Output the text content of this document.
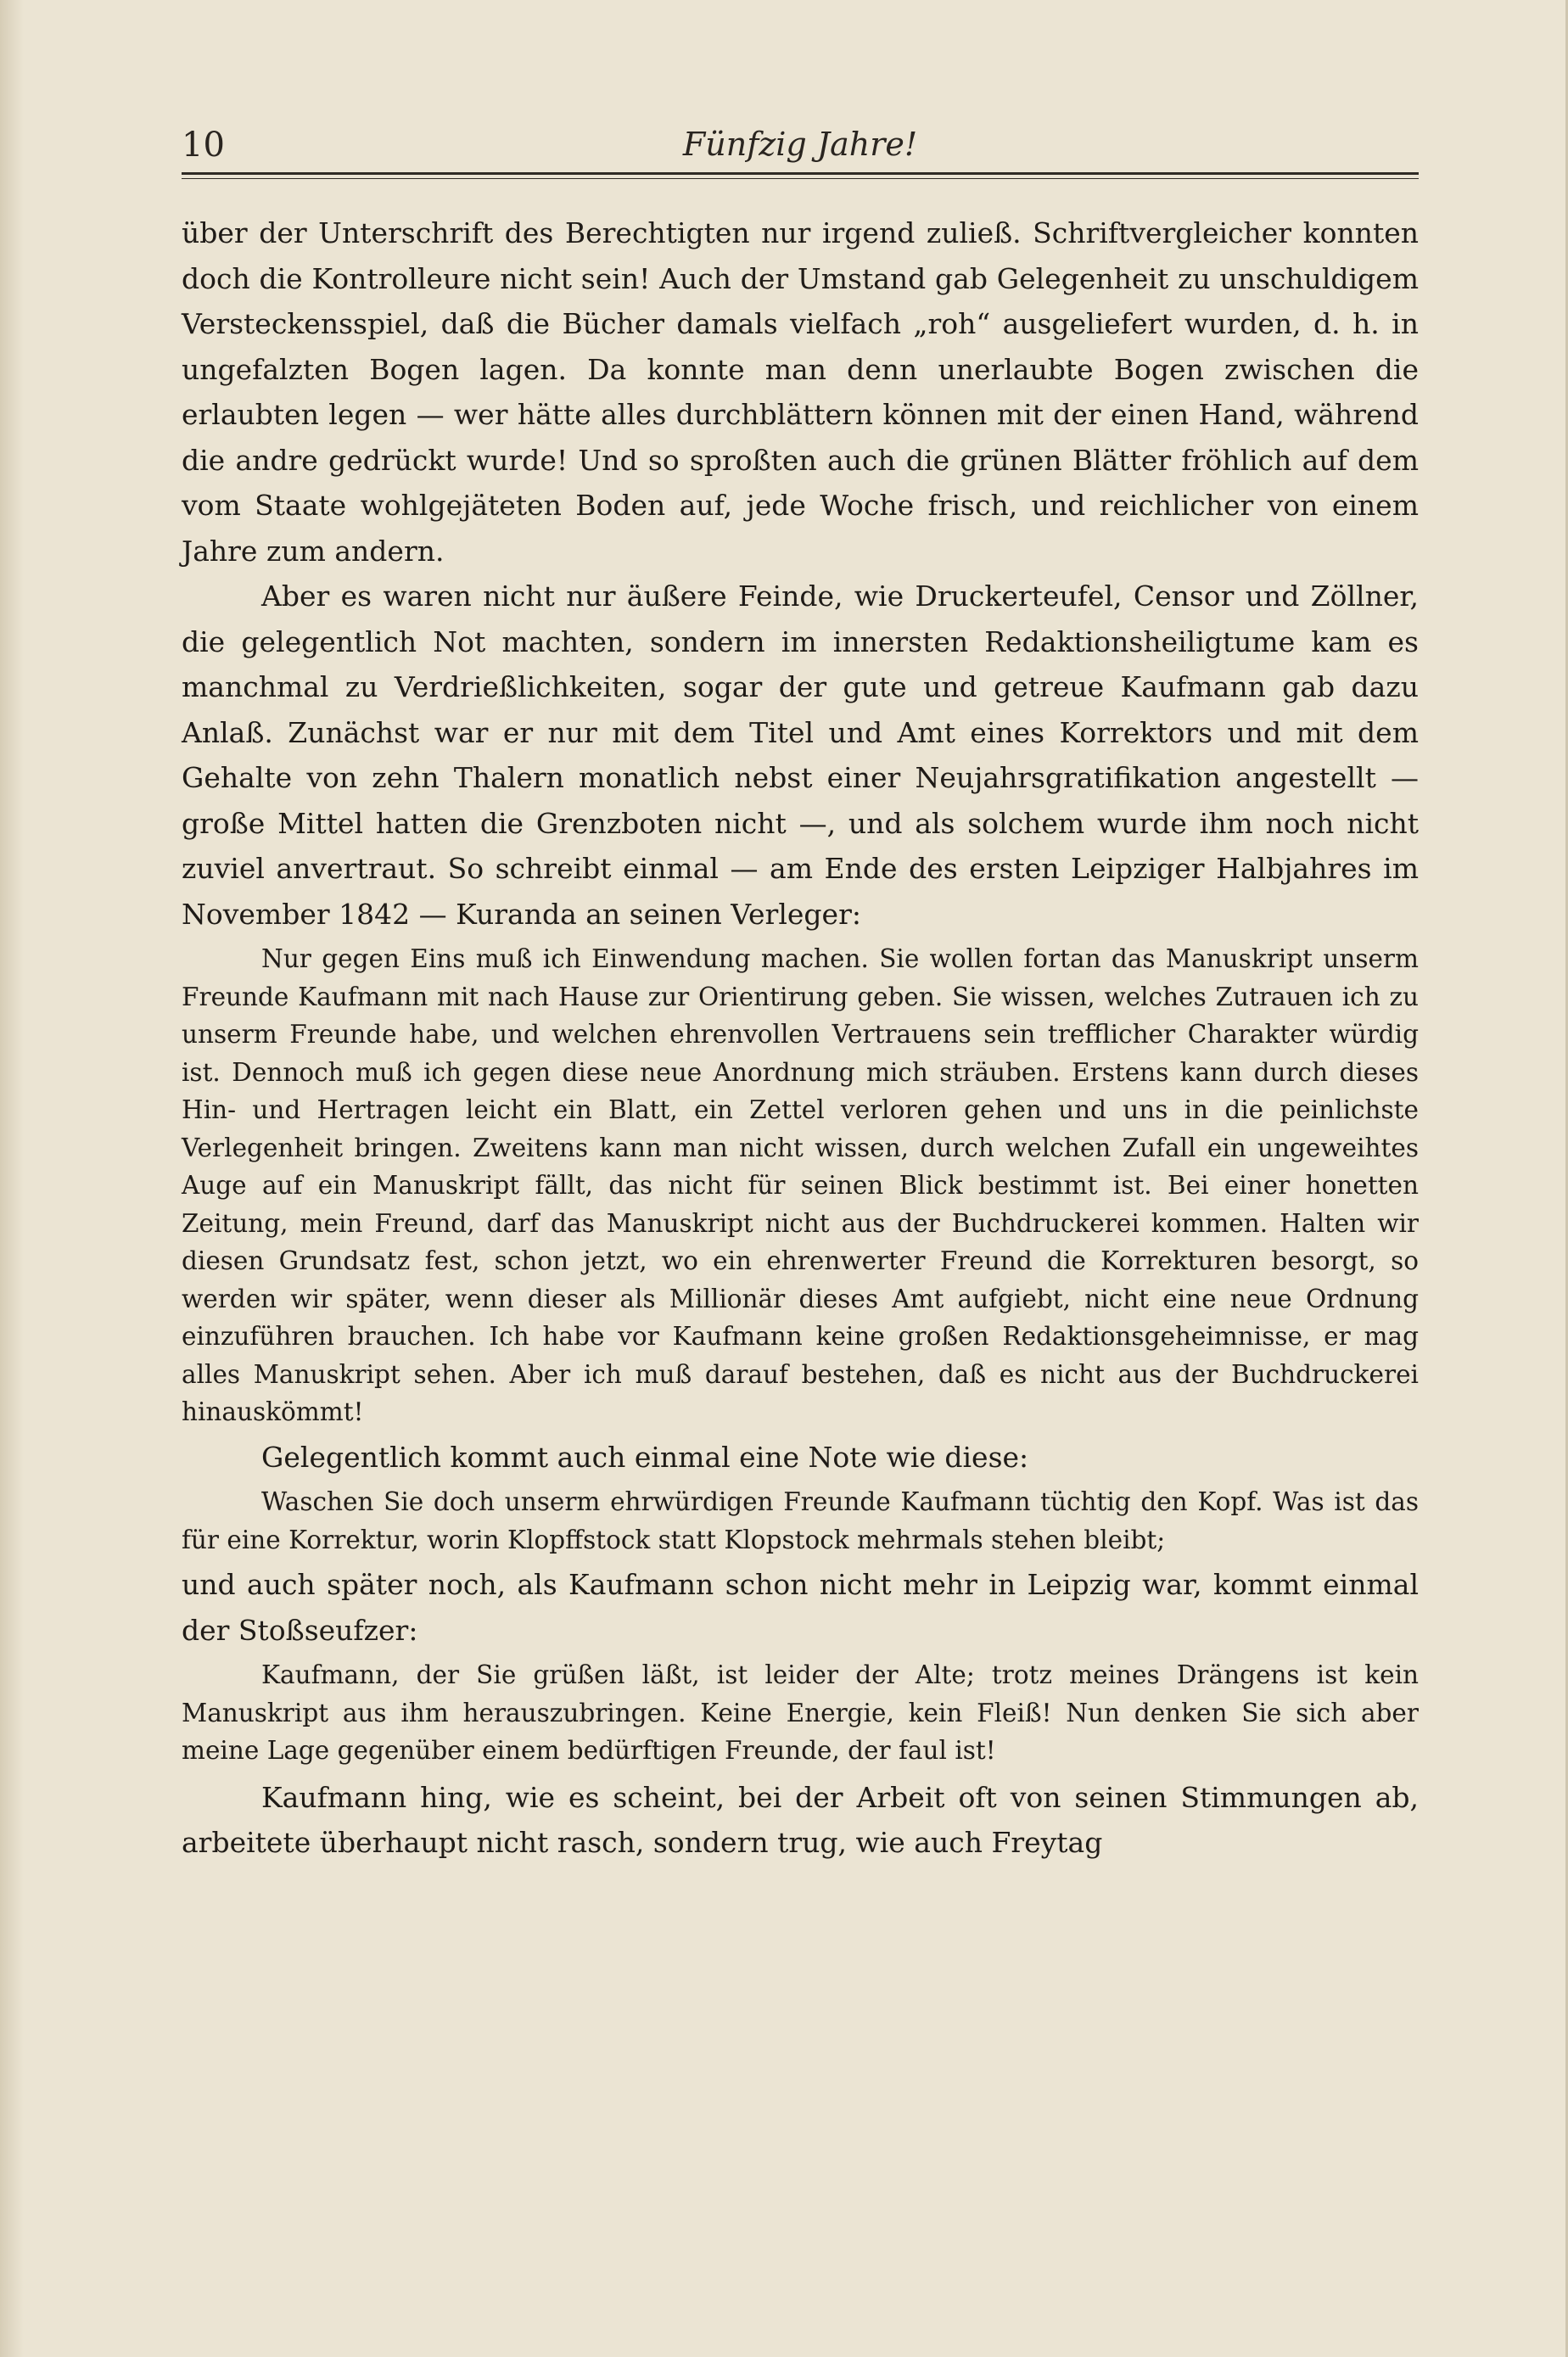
10	Fünfzig Jahre!

über der Unterschrift des Berechtigten nur irgend zuließ. Schriftvergleicher konnten doch die Kontrolleure nicht sein! Auch der Umstand gab Gelegenheit zu unschuldigem Versteckensspiel, daß die Bücher damals vielfach „roh“ ausgeliefert wurden, d. h. in ungefalzten Bogen lagen. Da konnte man denn unerlaubte Bogen zwischen die erlaubten legen — wer hätte alles durchblättern können mit der einen Hand, während die andre gedrückt wurde! Und so sproßten auch die grünen Blätter fröhlich auf dem vom Staate wohlgejäteten Boden auf, jede Woche frisch, und reichlicher von einem Jahre zum andern.

Aber es waren nicht nur äußere Feinde, wie Druckerteufel, Censor und Zöllner, die gelegentlich Not machten, sondern im innersten Redaktionsheiligtume kam es manchmal zu Verdrießlichkeiten, sogar der gute und getreue Kaufmann gab dazu Anlaß. Zunächst war er nur mit dem Titel und Amt eines Korrektors und mit dem Gehalte von zehn Thalern monatlich nebst einer Neujahrsgratifikation angestellt — große Mittel hatten die Grenzboten nicht —, und als solchem wurde ihm noch nicht zuviel anvertraut. So schreibt einmal — am Ende des ersten Leipziger Halbjahres im November 1842 — Kuranda an seinen Verleger:

Nur gegen Eins muß ich Einwendung machen. Sie wollen fortan das Manuskript unserm Freunde Kaufmann mit nach Hause zur Orientirung geben. Sie wissen, welches Zutrauen ich zu unserm Freunde habe, und welchen ehrenvollen Vertrauens sein trefflicher Charakter würdig ist. Dennoch muß ich gegen diese neue Anordnung mich sträuben. Erstens kann durch dieses Hin- und Hertragen leicht ein Blatt, ein Zettel verloren gehen und uns in die peinlichste Verlegenheit bringen. Zweitens kann man nicht wissen, durch welchen Zufall ein ungeweihtes Auge auf ein Manuskript fällt, das nicht für seinen Blick bestimmt ist. Bei einer honetten Zeitung, mein Freund, darf das Manuskript nicht aus der Buchdruckerei kommen. Halten wir diesen Grundsatz fest, schon jetzt, wo ein ehrenwerter Freund die Korrekturen besorgt, so werden wir später, wenn dieser als Millionär dieses Amt aufgiebt, nicht eine neue Ordnung einzuführen brauchen. Ich habe vor Kaufmann keine großen Redaktionsgeheimnisse, er mag alles Manuskript sehen. Aber ich muß darauf bestehen, daß es nicht aus der Buchdruckerei hinauskömmt!

Gelegentlich kommt auch einmal eine Note wie diese:

Waschen Sie doch unserm ehrwürdigen Freunde Kaufmann tüchtig den Kopf. Was ist das für eine Korrektur, worin Klopffstock statt Klopstock mehrmals stehen bleibt;

und auch später noch, als Kaufmann schon nicht mehr in Leipzig war, kommt einmal der Stoßseufzer:

Kaufmann, der Sie grüßen läßt, ist leider der Alte; trotz meines Drängens ist kein Manuskript aus ihm herauszubringen. Keine Energie, kein Fleiß! Nun denken Sie sich aber meine Lage gegenüber einem bedürftigen Freunde, der faul ist!

Kaufmann hing, wie es scheint, bei der Arbeit oft von seinen Stimmungen ab, arbeitete überhaupt nicht rasch, sondern trug, wie auch Freytag
